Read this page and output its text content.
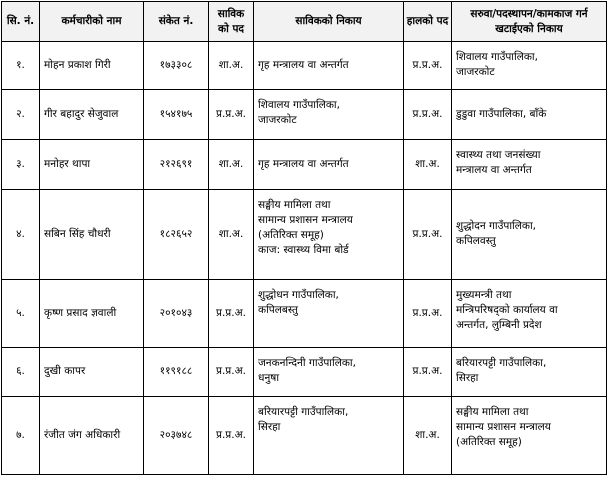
सि. नं.	कर्मचारीको नाम	संकेत नं.	साविक को पद	साविकको निकाय	हालको पद	सरुवा/पदस्थापन/कामकाज गर्न खटाईएको निकाय
१.	मोहन प्रकाश गिरी	१७३३०८	शा.अ.	गृह मन्त्रालय वा अन्तर्गत	प्र.प्र.अ.	शिवालय गाउँपालिका,
जाजरकोट
२.	गीर बहादुर सेजुवाल	१५४१७५	प्र.प्र.अ.	शिवालय गाउँपालिका,
जाजरकोट	प्र.प्र.अ.	डुडुवा गाउँपालिका, बाँके
३.	मनोहर थापा	२१२६९१	शा.अ.	गृह मन्त्रालय वा अन्तर्गत	शा.अ.	स्वास्थ्य तथा जनसंख्या
मन्त्रालय वा अन्तर्गत
४.	सबिन सिंह चौधरी	१८२६५२	शा.अ.	सङ्घीय मामिला तथा
सामान्य प्रशासन मन्त्रालय
(अतिरिक्त समूह)
काज: स्वास्थ्य विमा बोर्ड	प्र.प्र.अ.	शुद्धोदन गाउँपालिका,
कपिलवस्तु
५.	कृष्ण प्रसाद ज्ञवाली	२०१०४३	प्र.प्र.अ.	शुद्धोधन गाउँपालिका,
कपिलबस्तु	प्र.प्र.अ.	मुख्यमन्त्री तथा
मन्त्रिपरिषद्को कार्यालय वा
अन्तर्गत, लुम्बिनी प्रदेश
६.	दुखी कापर	११९१८८	प्र.प्र.अ.	जनकनन्दिनी गाउँपालिका,
धनुषा	प्र.प्र.अ.	बरियारपट्टी गाउँपालिका,
सिरहा
७.	रंजीत जंग अधिकारी	२०३७४८	प्र.प्र.अ.	बरियारपट्टी गाउँपालिका,
सिरहा	शा.अ.	सङ्घीय मामिला तथा
सामान्य प्रशासन मन्त्रालय
(अतिरिक्त समूह)
